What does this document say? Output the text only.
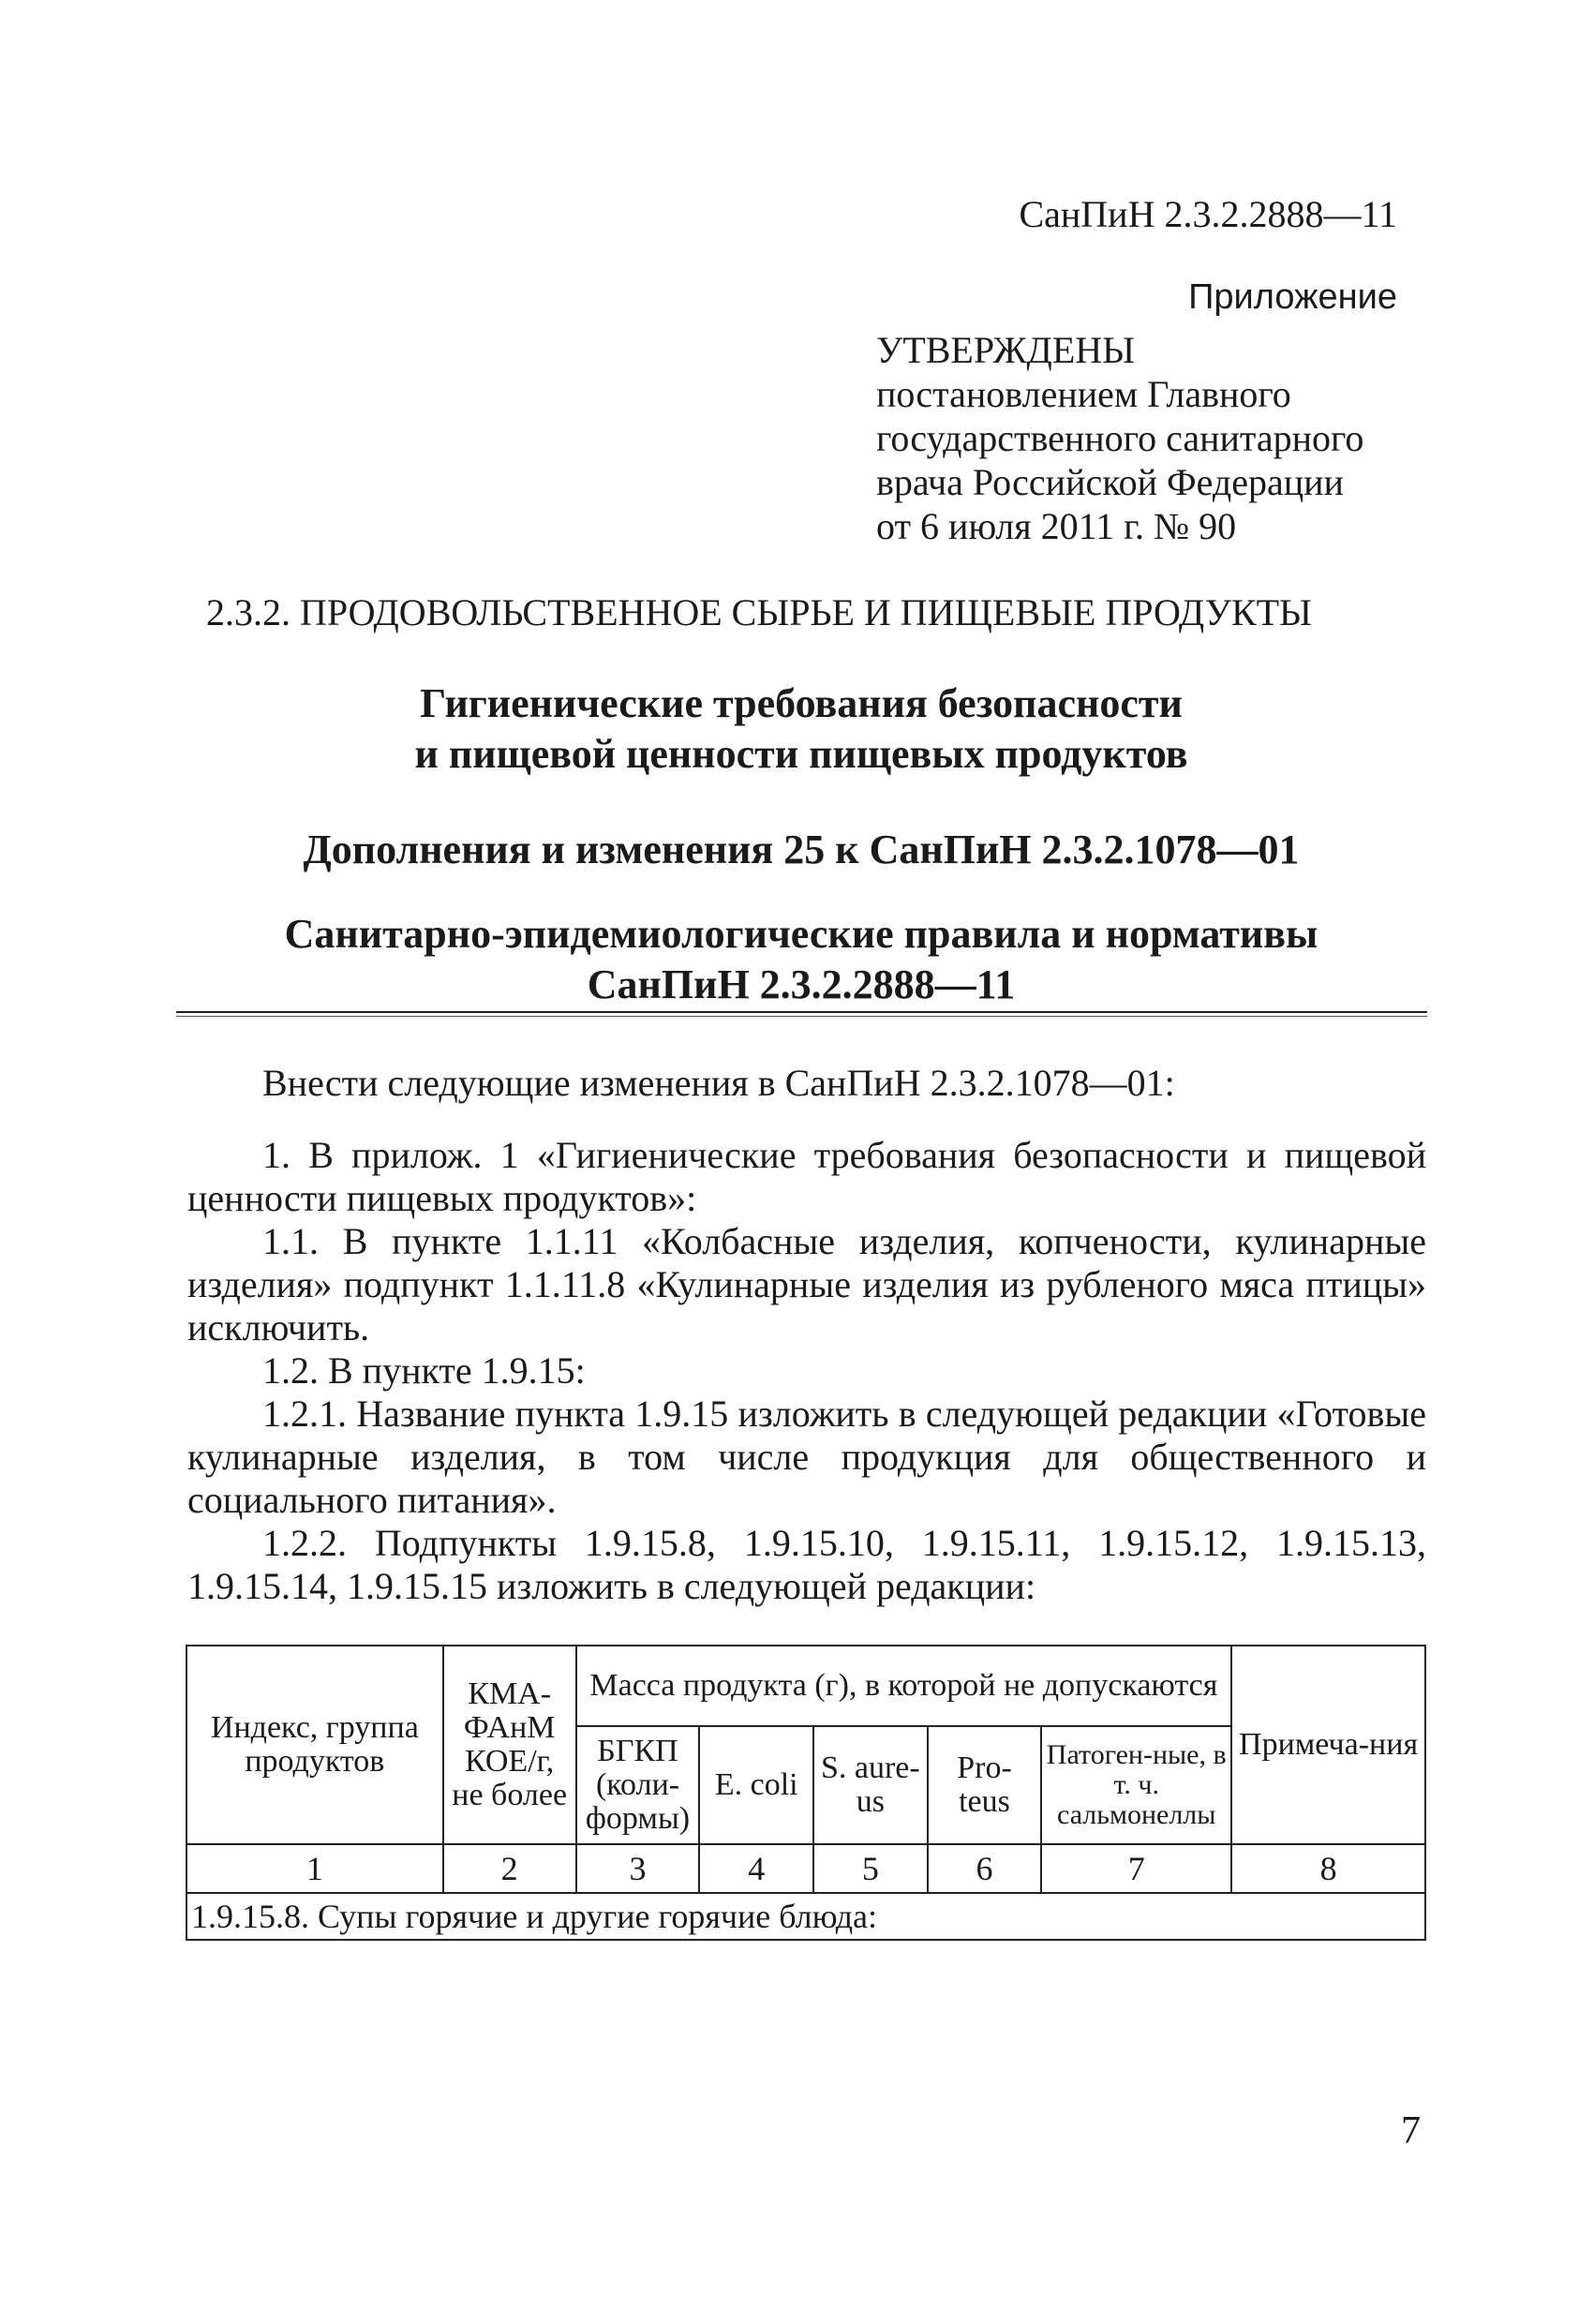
СанПиН 2.3.2.2888—11
Приложение
УТВЕРЖДЕНЫ
постановлением Главного
государственного санитарного
врача Российской Федерации
от 6 июля 2011 г. № 90
2.3.2. ПРОДОВОЛЬСТВЕННОЕ СЫРЬЕ И ПИЩЕВЫЕ ПРОДУКТЫ
Гигиенические требования безопасности
и пищевой ценности пищевых продуктов
Дополнения и изменения 25 к СанПиН 2.3.2.1078—01
Санитарно-эпидемиологические правила и нормативы
СанПиН 2.3.2.2888—11
Внести следующие изменения в СанПиН 2.3.2.1078—01:
1. В прилож. 1 «Гигиенические требования безопасности и пищевой ценности пищевых продуктов»:
1.1. В пункте 1.1.11 «Колбасные изделия, копчености, кулинарные изделия» подпункт 1.1.11.8 «Кулинарные изделия из рубленого мяса птицы» исключить.
1.2. В пункте 1.9.15:
1.2.1. Название пункта 1.9.15 изложить в следующей редакции «Готовые кулинарные изделия, в том числе продукция для общественного и социального питания».
1.2.2. Подпункты 1.9.15.8, 1.9.15.10, 1.9.15.11, 1.9.15.12, 1.9.15.13, 1.9.15.14, 1.9.15.15 изложить в следующей редакции:
Индекс, группа продуктов	КМА-ФАнМ КОЕ/г, не более	Масса продукта (г), в которой не допускаются					Примеча-ния
		БГКП (коли-формы)	E. coli	S. aure-us	Pro-teus	Патоген-ные, в т. ч. сальмонеллы	
1	2	3	4	5	6	7	8
1.9.15.8. Супы горячие и другие горячие блюда:							
7
